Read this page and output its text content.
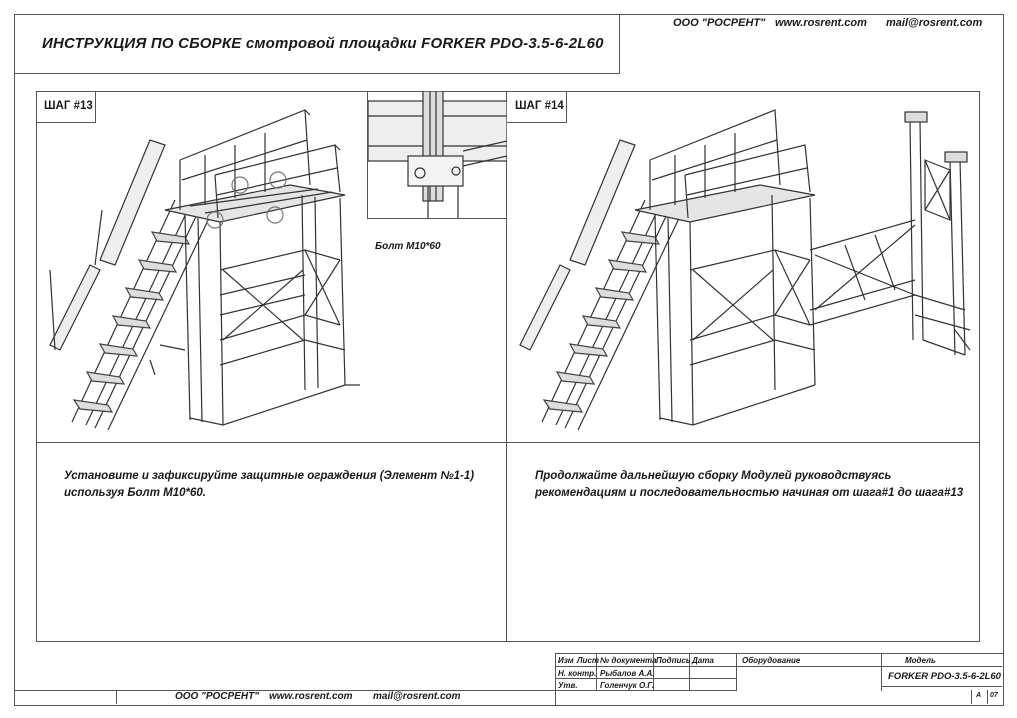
ООО "РОСРЕНТ" www.rosrent.com mail@rosrent.com
ИНСТРУКЦИЯ ПО СБОРКЕ смотровой площадки FORKER PDO-3.5-6-2L60
ШАГ #13	ШАГ #14
Болт М10*60
Установите и зафиксируйте защитные ограждения (Элемент №1-1)
используя Болт М10*60.
Продолжайте дальнейшую сборку Модулей руководствуясь
рекомендациям и последовательностью начиная от шага#1 до шага#13
Изм Лист № документа Подпись Дата
Н. контр. Рыбалов А.А.
Утв.	Голенчук О.Г.
Оборудование	Модель
FORKER PDO-3.5-6-2L60
А 07
ООО "РОСРЕНТ" www.rosrent.com mail@rosrent.com
